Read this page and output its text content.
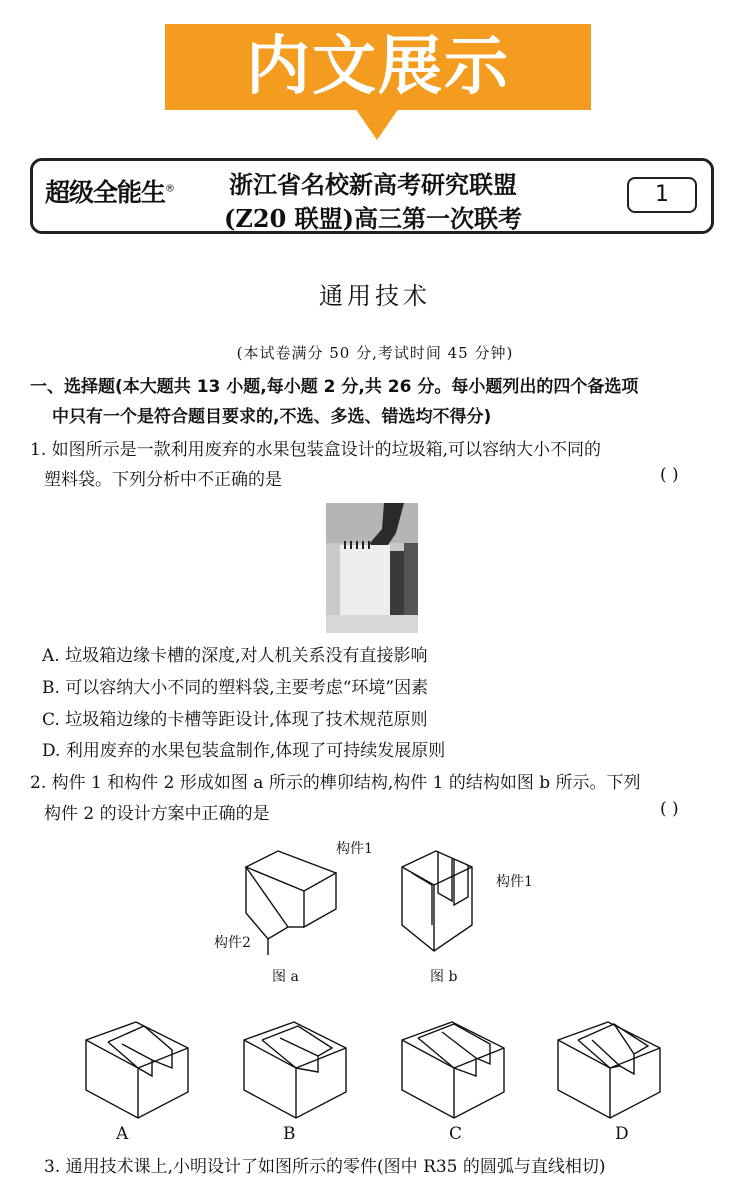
内文展示
超级全能生®	浙江省名校新高考研究联盟
(Z20 联盟)高三第一次联考
1
通用技术
(本试卷满分 50 分,考试时间 45 分钟)
一、选择题(本大题共 13 小题,每小题 2 分,共 26 分。每小题列出的四个备选项
中只有一个是符合题目要求的,不选、多选、错选均不得分)
1. 如图所示是一款利用废弃的水果包装盒设计的垃圾箱,可以容纳大小不同的
塑料袋。下列分析中不正确的是	( )
A. 垃圾箱边缘卡槽的深度,对人机关系没有直接影响
B. 可以容纳大小不同的塑料袋,主要考虑“环境”因素
C. 垃圾箱边缘的卡槽等距设计,体现了技术规范原则
D. 利用废弃的水果包装盒制作,体现了可持续发展原则
2. 构件 1 和构件 2 形成如图 a 所示的榫卯结构,构件 1 的结构如图 b 所示。下列
构件 2 的设计方案中正确的是	( )
构件1
构件2
图 a
构件1
图 b
A	B	C	D
3. 通用技术课上,小明设计了如图所示的零件(图中 R35 的圆弧与直线相切)
